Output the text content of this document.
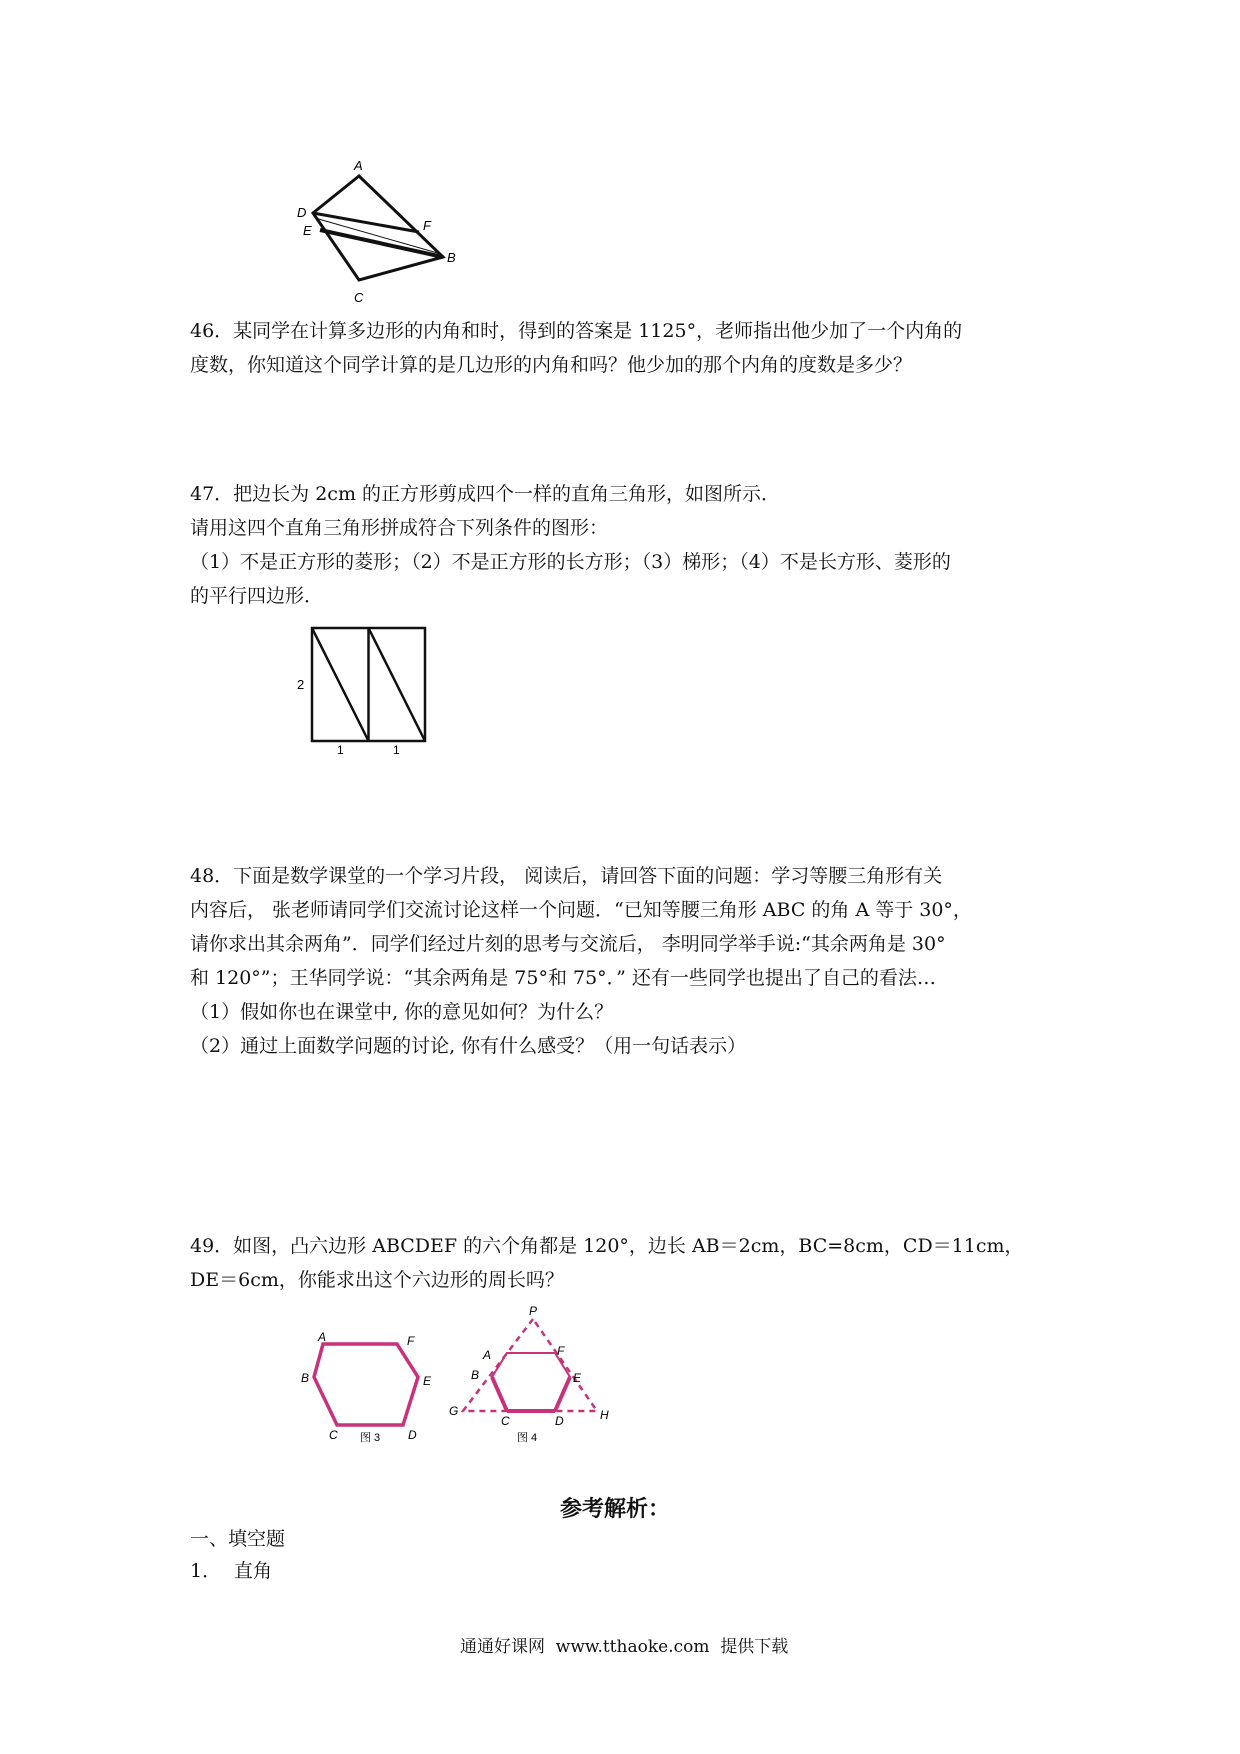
A
D
E	F
B
C
46．某同学在计算多边形的内角和时，得到的答案是 1125°，老师指出他少加了一个内角的
度数，你知道这个同学计算的是几边形的内角和吗？他少加的那个内角的度数是多少？
47．把边长为 2cm 的正方形剪成四个一样的直角三角形，如图所示．
请用这四个直角三角形拼成符合下列条件的图形：
（1）不是正方形的菱形；（2）不是正方形的长方形；（3）梯形；（4）不是长方形、菱形的
的平行四边形．
2
1	1
48．下面是数学课堂的一个学习片段， 阅读后，请回答下面的问题：学习等腰三角形有关
内容后， 张老师请同学们交流讨论这样一个问题．“已知等腰三角形 ABC 的角 A 等于 30°，
请你求出其余两角”．同学们经过片刻的思考与交流后， 李明同学举手说:“其余两角是 30°
和 120°”；王华同学说：“其余两角是 75°和 75°．” 还有一些同学也提出了自己的看法…
（1）假如你也在课堂中, 你的意见如何？为什么？
（2）通过上面数学问题的讨论, 你有什么感受？（用一句话表示）
49．如图，凸六边形 ABCDEF 的六个角都是 120°，边长 AB＝2cm，BC=8cm，CD＝11cm，
DE＝6cm，你能求出这个六边形的周长吗？
A	F
B	E
C 图 3 D
P
A	F
B	E
G
C	D	H
图 4
参考解析：
一、填空题
1． 直角
通通好课网  www.tthaoke.com  提供下载
